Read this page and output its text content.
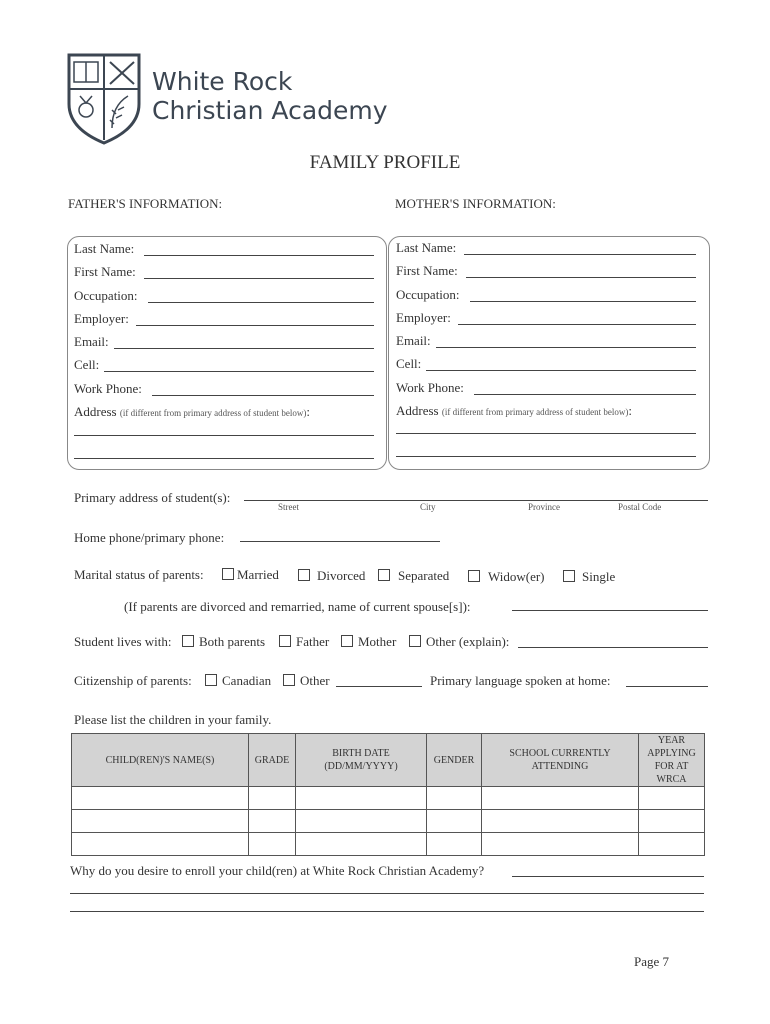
White Rock
Christian Academy
FAMILY PROFILE
FATHER'S INFORMATION:	MOTHER'S INFORMATION:
Last Name:
First Name:
Occupation:
Employer:
Email:
Cell:
Work Phone:
Address (if different from primary address of student below):
Last Name:
First Name:
Occupation:
Employer:
Email:
Cell:
Work Phone:
Address (if different from primary address of student below):
Primary address of student(s):
Street	City	Province	Postal Code
Home phone/primary phone:
Marital status of parents:	Married	Divorced	Separated	Widow(er)	Single
(If parents are divorced and remarried, name of current spouse[s]):
Student lives with:	Both parents	Father	Mother	Other (explain):
Citizenship of parents:	Canadian	Other	Primary language spoken at home:
Please list the children in your family.
CHILD(REN)'S NAME(S)	GRADE	BIRTH DATE (DD/MM/YYYY)	GENDER	SCHOOL CURRENTLY ATTENDING	YEAR APPLYING FOR AT WRCA

Why do you desire to enroll your child(ren) at White Rock Christian Academy?
Page 7
